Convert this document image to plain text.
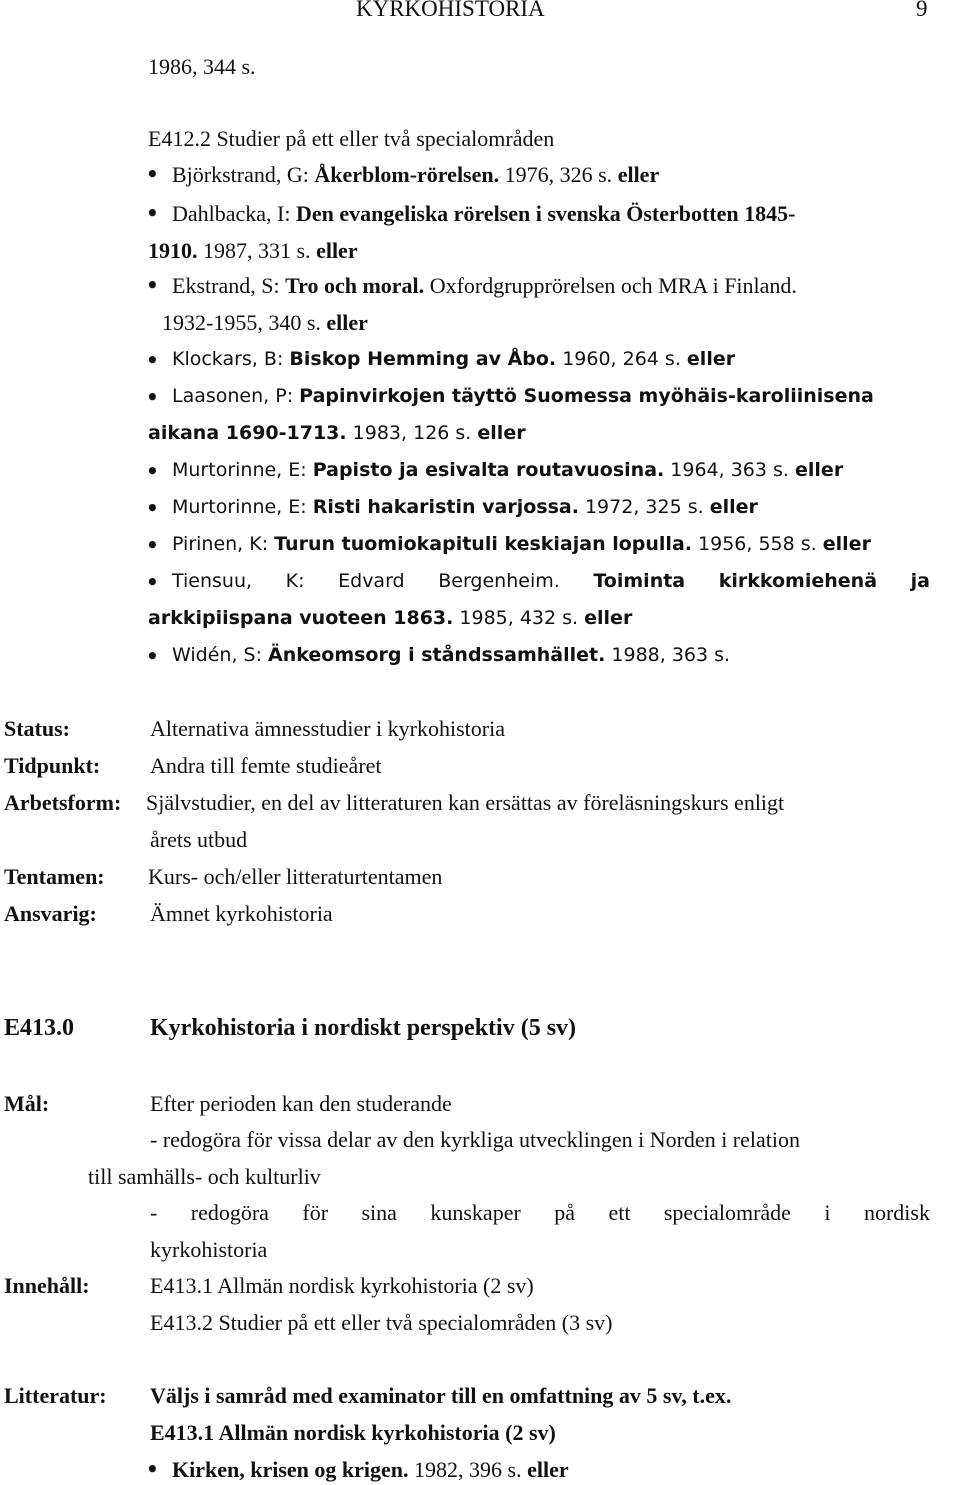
KYRKOHISTORIA	9
1986, 344 s.
E412.2 Studier på ett eller två specialområden
• Björkstrand, G: Åkerblom-rörelsen. 1976, 326 s. eller
• Dahlbacka, I: Den evangeliska rörelsen i svenska Österbotten 1845-
1910. 1987, 331 s. eller
• Ekstrand, S: Tro och moral. Oxfordgrupprörelsen och MRA i Finland.
1932-1955, 340 s. eller
• Klockars, B: Biskop Hemming av Åbo. 1960, 264 s. eller
• Laasonen, P: Papinvirkojen täyttö Suomessa myöhäis-karoliinisena
aikana 1690-1713. 1983, 126 s. eller
• Murtorinne, E: Papisto ja esivalta routavuosina. 1964, 363 s. eller
• Murtorinne, E: Risti hakaristin varjossa. 1972, 325 s. eller
• Pirinen, K: Turun tuomiokapituli keskiajan lopulla. 1956, 558 s. eller
• Tiensuu, K: Edvard Bergenheim. Toiminta kirkkomiehenä ja
arkkipiispana vuoteen 1863. 1985, 432 s. eller
• Widén, S: Änkeomsorg i ståndssamhället. 1988, 363 s.
Status:	Alternativa ämnesstudier i kyrkohistoria
Tidpunkt: Andra till femte studieåret
Arbetsform: Självstudier, en del av litteraturen kan ersättas av föreläsningskurs enligt
årets utbud
Tentamen: Kurs- och/eller litteraturtentamen
Ansvarig: Ämnet kyrkohistoria
E413.0	Kyrkohistoria i nordiskt perspektiv (5 sv)
Mål:	Efter perioden kan den studerande
- redogöra för vissa delar av den kyrkliga utvecklingen i Norden i relation
till samhälls- och kulturliv
- redogöra för sina kunskaper på ett specialområde i nordisk
kyrkohistoria
Innehåll:	E413.1 Allmän nordisk kyrkohistoria (2 sv)
E413.2 Studier på ett eller två specialområden (3 sv)
Litteratur: Väljs i samråd med examinator till en omfattning av 5 sv, t.ex.
E413.1 Allmän nordisk kyrkohistoria (2 sv)
• Kirken, krisen og krigen. 1982, 396 s. eller
